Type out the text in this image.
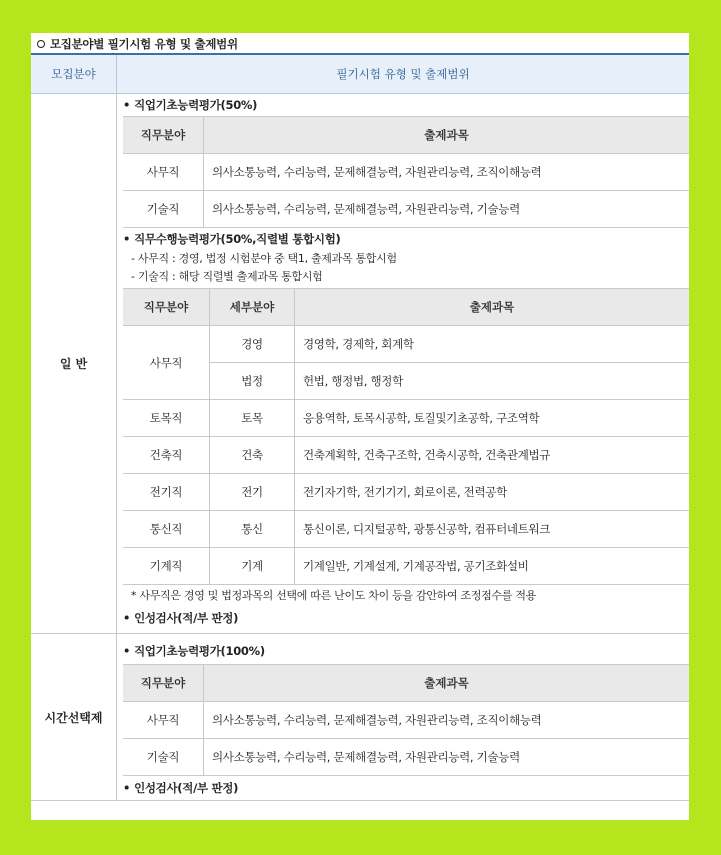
모집분야별 필기시험 유형 및 출제범위
모집분야	필기시험 유형 및 출제범위
일 반	
• 직업기초능력평가(50%)
직무분야	출제과목
사무직	의사소통능력, 수리능력, 문제해결능력, 자원관리능력, 조직이해능력
기술직	의사소통능력, 수리능력, 문제해결능력, 자원관리능력, 기술능력
• 직무수행능력평가(50%,직렬별 통합시험)
- 사무직 : 경영, 법정 시험분야 중 택1, 출제과목 통합시험
- 기술직 : 해당 직렬별 출제과목 통합시험
직무분야	세부분야	출제과목
사무직	경영	경영학, 경제학, 회계학
법정	헌법, 행정법, 행정학
토목직	토목	응용역학, 토목시공학, 토질및기초공학, 구조역학
건축직	건축	건축계획학, 건축구조학, 건축시공학, 건축관계법규
전기직	전기	전기자기학, 전기기기, 회로이론, 전력공학
통신직	통신	통신이론, 디지털공학, 광통신공학, 컴퓨터네트워크
기계직	기계	기계일반, 기계설계, 기계공작법, 공기조화설비
* 사무직은 경영 및 법정과목의 선택에 따른 난이도 차이 등을 감안하여 조정점수를 적용
• 인성검사(적/부 판정)

시간선택제	
• 직업기초능력평가(100%)
직무분야	출제과목
사무직	의사소통능력, 수리능력, 문제해결능력, 자원관리능력, 조직이해능력
기술직	의사소통능력, 수리능력, 문제해결능력, 자원관리능력, 기술능력
• 인성검사(적/부 판정)
